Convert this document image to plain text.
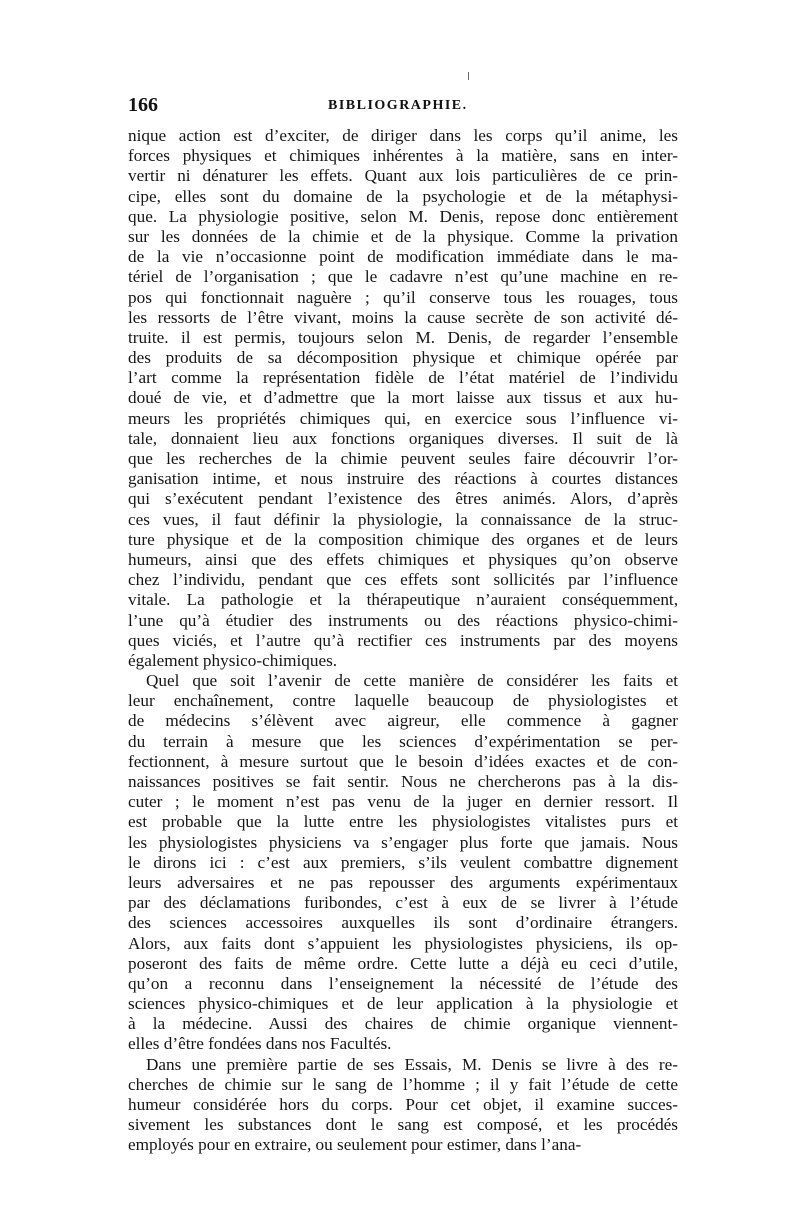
166	BIBLIOGRAPHIE.
nique action est d’exciter, de diriger dans les corps qu’il anime, les
forces physiques et chimiques inhérentes à la matière, sans en inter-
vertir ni dénaturer les effets. Quant aux lois particulières de ce prin-
cipe, elles sont du domaine de la psychologie et de la métaphysi-
que. La physiologie positive, selon M. Denis, repose donc entièrement
sur les données de la chimie et de la physique. Comme la privation
de la vie n’occasionne point de modification immédiate dans le ma-
tériel de l’organisation ; que le cadavre n’est qu’une machine en re-
pos qui fonctionnait naguère ; qu’il conserve tous les rouages, tous
les ressorts de l’être vivant, moins la cause secrète de son activité dé-
truite. il est permis, toujours selon M. Denis, de regarder l’ensemble
des produits de sa décomposition physique et chimique opérée par
l’art comme la représentation fidèle de l’état matériel de l’individu
doué de vie, et d’admettre que la mort laisse aux tissus et aux hu-
meurs les propriétés chimiques qui, en exercice sous l’influence vi-
tale, donnaient lieu aux fonctions organiques diverses. Il suit de là
que les recherches de la chimie peuvent seules faire découvrir l’or-
ganisation intime, et nous instruire des réactions à courtes distances
qui s’exécutent pendant l’existence des êtres animés. Alors, d’après
ces vues, il faut définir la physiologie, la connaissance de la struc-
ture physique et de la composition chimique des organes et de leurs
humeurs, ainsi que des effets chimiques et physiques qu’on observe
chez l’individu, pendant que ces effets sont sollicités par l’influence
vitale. La pathologie et la thérapeutique n’auraient conséquemment,
l’une qu’à étudier des instruments ou des réactions physico-chimi-
ques viciés, et l’autre qu’à rectifier ces instruments par des moyens
également physico-chimiques.
Quel que soit l’avenir de cette manière de considérer les faits et
leur enchaînement, contre laquelle beaucoup de physiologistes et
de médecins s’élèvent avec aigreur, elle commence à gagner
du terrain à mesure que les sciences d’expérimentation se per-
fectionnent, à mesure surtout que le besoin d’idées exactes et de con-
naissances positives se fait sentir. Nous ne chercherons pas à la dis-
cuter ; le moment n’est pas venu de la juger en dernier ressort. Il
est probable que la lutte entre les physiologistes vitalistes purs et
les physiologistes physiciens va s’engager plus forte que jamais. Nous
le dirons ici : c’est aux premiers, s’ils veulent combattre dignement
leurs adversaires et ne pas repousser des arguments expérimentaux
par des déclamations furibondes, c’est à eux de se livrer à l’étude
des sciences accessoires auxquelles ils sont d’ordinaire étrangers.
Alors, aux faits dont s’appuient les physiologistes physiciens, ils op-
poseront des faits de même ordre. Cette lutte a déjà eu ceci d’utile,
qu’on a reconnu dans l’enseignement la nécessité de l’étude des
sciences physico-chimiques et de leur application à la physiologie et
à la médecine. Aussi des chaires de chimie organique viennent-
elles d’être fondées dans nos Facultés.
Dans une première partie de ses Essais, M. Denis se livre à des re-
cherches de chimie sur le sang de l’homme ; il y fait l’étude de cette
humeur considérée hors du corps. Pour cet objet, il examine succes-
sivement les substances dont le sang est composé, et les procédés
employés pour en extraire, ou seulement pour estimer, dans l’ana-
